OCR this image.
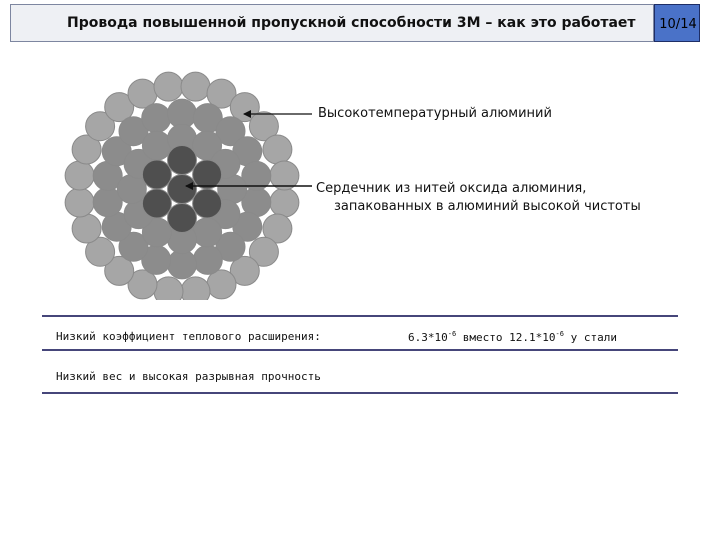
Провода повышенной пропускной способности 3М – как это работает	10/14
Высокотемпературный алюминий
Сердечник из нитей оксида алюминия,
запакованных в алюминий высокой чистоты
Низкий коэффициент теплового расширения:	$6.3*10^{-6}$ вместо $12.1*10^{-6}$ у стали
Низкий вес и высокая разрывная прочность
